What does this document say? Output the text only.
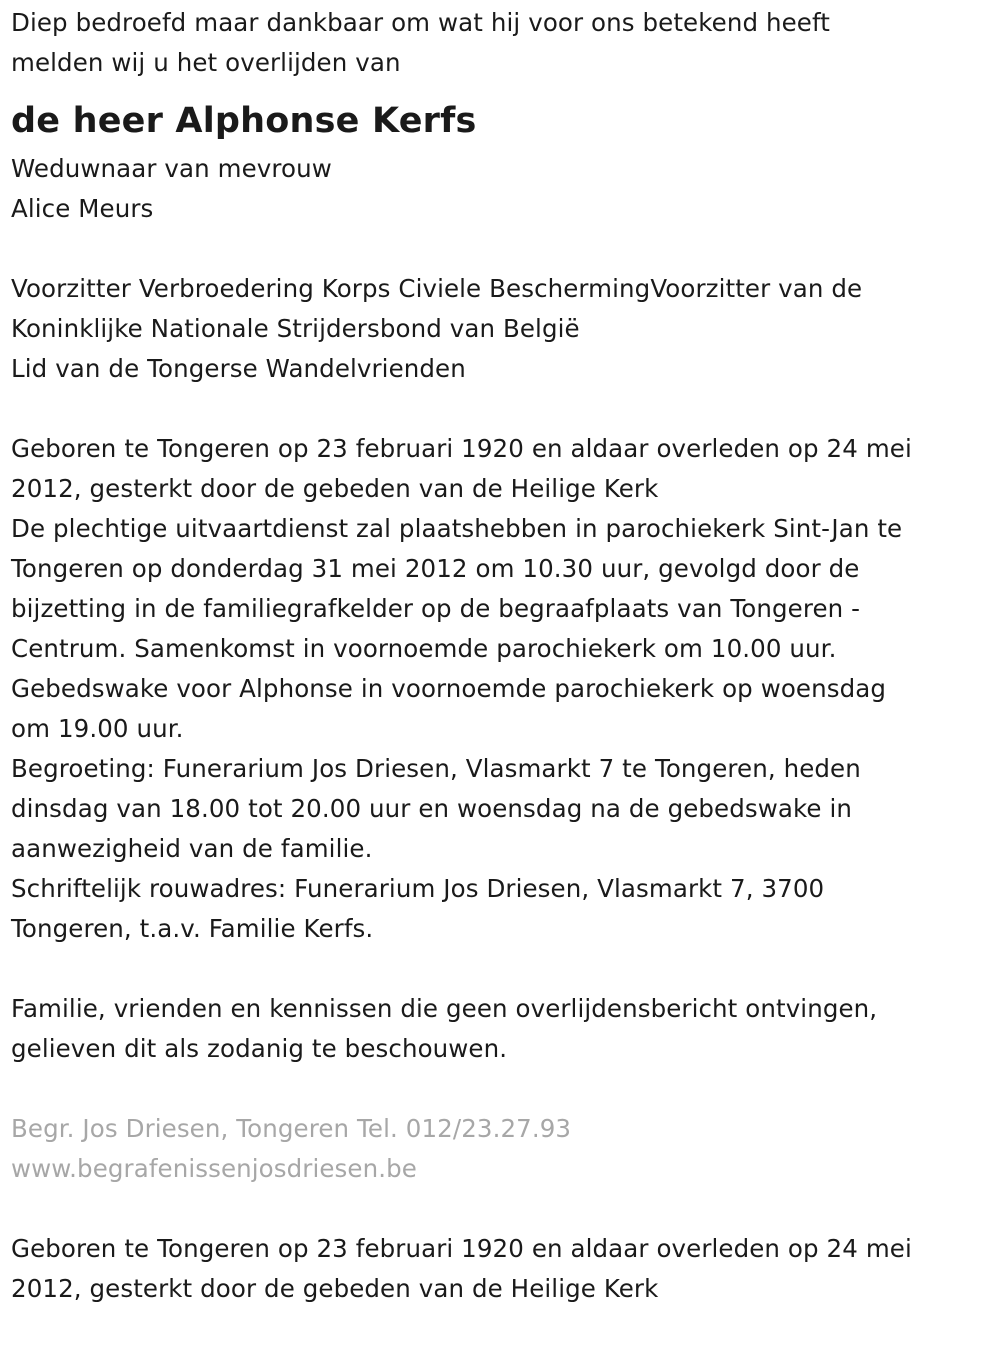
Diep bedroefd maar dankbaar om wat hij voor ons betekend heeft

melden wij u het overlijden van

de heer Alphonse Kerfs

Weduwnaar van mevrouw

Alice Meurs

Voorzitter Verbroedering Korps Civiele BeschermingVoorzitter van de

Koninklijke Nationale Strijdersbond van België

Lid van de Tongerse Wandelvrienden

Geboren te Tongeren op 23 februari 1920 en aldaar overleden op 24 mei

2012, gesterkt door de gebeden van de Heilige Kerk

De plechtige uitvaartdienst zal plaatshebben in parochiekerk Sint-Jan te

Tongeren op donderdag 31 mei 2012 om 10.30 uur, gevolgd door de

bijzetting in de familiegrafkelder op de begraafplaats van Tongeren -

Centrum. Samenkomst in voornoemde parochiekerk om 10.00 uur.

Gebedswake voor Alphonse in voornoemde parochiekerk op woensdag

om 19.00 uur.

Begroeting: Funerarium Jos Driesen, Vlasmarkt 7 te Tongeren, heden

dinsdag van 18.00 tot 20.00 uur en woensdag na de gebedswake in

aanwezigheid van de familie.

Schriftelijk rouwadres: Funerarium Jos Driesen, Vlasmarkt 7, 3700

Tongeren, t.a.v. Familie Kerfs.

Familie, vrienden en kennissen die geen overlijdensbericht ontvingen,

gelieven dit als zodanig te beschouwen.

Begr. Jos Driesen, Tongeren Tel. 012/23.27.93

www.begrafenissenjosdriesen.be

Geboren te Tongeren op 23 februari 1920 en aldaar overleden op 24 mei

2012, gesterkt door de gebeden van de Heilige Kerk
